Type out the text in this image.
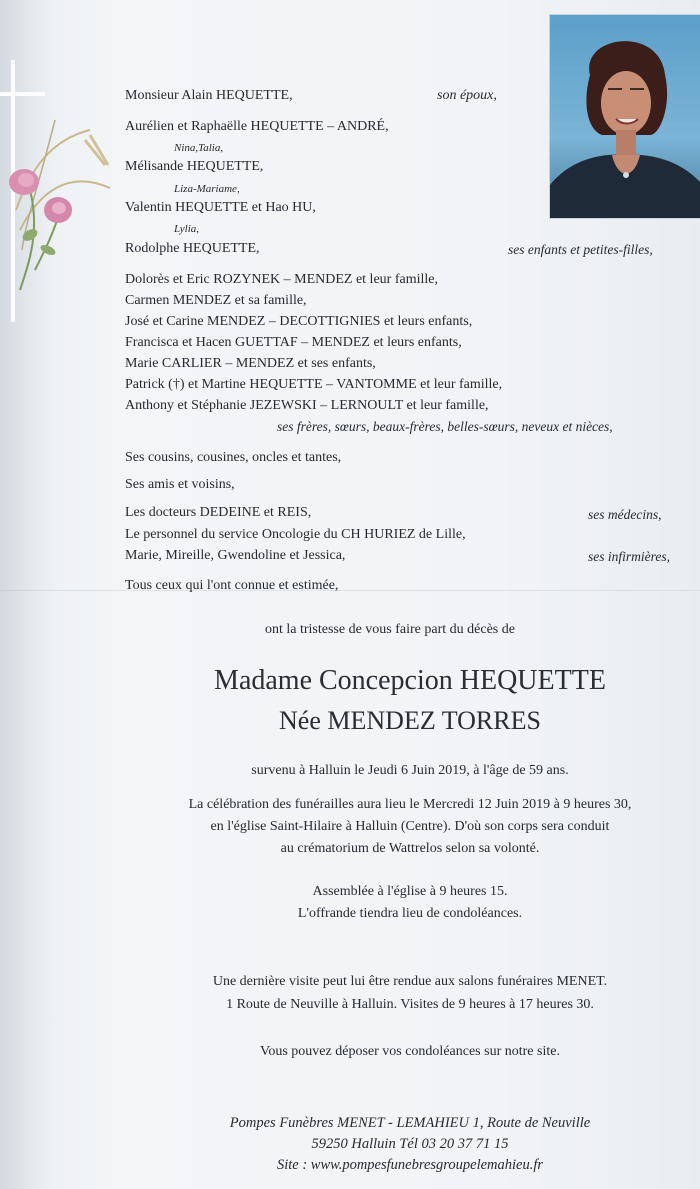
Monsieur Alain HEQUETTE,	son époux,
Aurélien et Raphaëlle HEQUETTE – ANDRÉ,
Nina,Talia,
Mélisande HEQUETTE,
Liza-Mariame,
Valentin HEQUETTE et Hao HU,
Lylia,
Rodolphe HEQUETTE,	ses enfants et petites-filles,
Dolorès et Eric ROZYNEK – MENDEZ et leur famille,
Carmen MENDEZ et sa famille,
José et Carine MENDEZ – DECOTTIGNIES et leurs enfants,
Francisca et Hacen GUETTAF – MENDEZ et leurs enfants,
Marie CARLIER – MENDEZ et ses enfants,
Patrick (†) et Martine HEQUETTE – VANTOMME et leur famille,
Anthony et Stéphanie JEZEWSKI – LERNOULT et leur famille,
ses frères, sœurs, beaux-frères, belles-sœurs, neveux et nièces,
Ses cousins, cousines, oncles et tantes,
Ses amis et voisins,
Les docteurs DEDEINE et REIS,	ses médecins,
Le personnel du service Oncologie du CH HURIEZ de Lille,
Marie, Mireille, Gwendoline et Jessica,	ses infirmières,
Tous ceux qui l'ont connue et estimée,
ont la tristesse de vous faire part du décès de
Madame Concepcion HEQUETTE
Née MENDEZ TORRES
survenu à Halluin le Jeudi 6 Juin 2019, à l'âge de 59 ans.
La célébration des funérailles aura lieu le Mercredi 12 Juin 2019 à 9 heures 30,
en l'église Saint-Hilaire à Halluin (Centre). D'où son corps sera conduit
au crématorium de Wattrelos selon sa volonté.
Assemblée à l'église à 9 heures 15.
L'offrande tiendra lieu de condoléances.
Une dernière visite peut lui être rendue aux salons funéraires MENET.
1 Route de Neuville à Halluin. Visites de 9 heures à 17 heures 30.
Vous pouvez déposer vos condoléances sur notre site.
Pompes Funèbres MENET - LEMAHIEU 1, Route de Neuville
59250 Halluin Tél 03 20 37 71 15
Site : www.pompesfunebresgroupelemahieu.fr
